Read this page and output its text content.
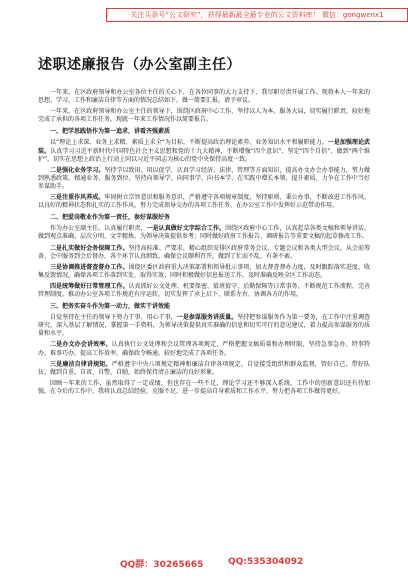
关注头条号“公文研究”，获得最新最全最专业的公文资料库！ 微信：gongwenx1
述职述廉报告（办公室副主任）

一年来，在区政府领导和办公室各位主任的关心下，在各位同事的大力支持下，我尽职尽责开展工作。现将本人一年来的思想、学习、工作和廉洁自律等方面的情况总结如下，做一简要汇报，请予审议。

一年来，在区政府领导和办公室主任的领导下，围绕区政府中心工作，坚持以人为本、服务大局，切实履行职责，较好地完成了承担的各项工作任务，现就一年来工作情况作以简要报告。

一、把学思践悟作为第一追求，讲看齐强素质

以“理论上求深、业务上求精、素质上求全”为目标，不断提高政治理论素养、业务知识水平和履职能力。一是加强理论武装。认真学习习近平新时代中国特色社会主义思想和党的十九大精神，不断增强“四个意识”、坚定“四个自信”、做到“两个维护”，切实在思想上政治上行动上同以习近平同志为核心的党中央保持高度一致。

二是强化业务学习。坚持学以致用、用以促学，认真学习经济、法律、管理等方面知识，提高办文办会办事能力，努力做到熟悉政策、精通业务、服务到位。坚持向领导学、向同事学、向书本学，在实践中增长本领、提升素质，力争在工作中当好参谋助手。

三是注重作风养成。牢固树立宗旨意识和服务意识，严格遵守各项规章制度，坚持原则、秉公办事，不断改进工作作风，以良好的精神状态和扎实的工作作风，努力完成领导交办的各项工作任务，在办公室工作中发挥好示范带动作用。

二、把爱岗敬业作为第一责任，参好谋服好务

作为办公室副主任，认真履行职责，一是认真做好文字综合工作。围绕区政府中心工作，认真起草各类文稿和领导讲话，做到观点准确、层次分明、文字精炼，为领导决策提供参考；同时做好政府工作报告、调研报告等重要文稿的起草修改工作。

二是扎实做好会务保障工作。坚持高标准、严要求，精心组织安排区政府常务会议、专题会议和各类大型会议，从会前筹备、会中服务到会后督办，各个环节认真细致，确保会议顺利召开，做到了忙而不乱、有条不紊。

三是协调推进督查督办工作。围绕区委区政府重大决策部署和领导批示事项，加大督查督办力度，及时跟踪落实进度，收集反馈情况，确保各项工作落到实处、取得实效；同时积极做好信息报送工作，及时准确反映全区工作动态。

四是统筹做好日常管理工作。认真抓好公文处理、机要保密、值班值守、后勤保障等日常事务，不断规范工作流程、完善管理制度，推动办公室各项工作规范有序运转，切实发挥了承上启下、联系左右、协调各方的作用。

三、把务实奋斗作为第一动力，做实干讲效能

自觉坚持在主任的领导下努力干事、用心干事，一是参谋服务讲质量。坚持把参谋服务作为第一要务，在工作中注重调查研究，深入基层了解情况，掌握第一手资料，为领导决策提供真实准确的信息和切实可行的意见建议，着力提高参谋服务的质量和水平。

二是办文办会讲效率。认真执行公文处理和会议管理各项规定，严格把握文稿质量和办理时限，坚持急事急办、特事特办、难事巧办，提高工作效率，确保政令畅通，较好地完成了各项任务。

三是廉洁自律讲规矩。严格遵守中央八项规定精神和廉洁自律各项规定，自觉接受组织和群众监督，管好自己、带好队伍，做到自重、自省、自警、自励，始终保持清正廉洁的良好形象。

回顾一年来的工作，虽然取得了一定成绩，但也存在一些不足，理论学习还不够深入系统，工作中的创新意识还有待加强。在今后的工作中，我将认真总结经验，克服不足，进一步提高自身素质和工作水平，努力把各项工作做得更好。

QQ群：30265665	QQ:535304092
